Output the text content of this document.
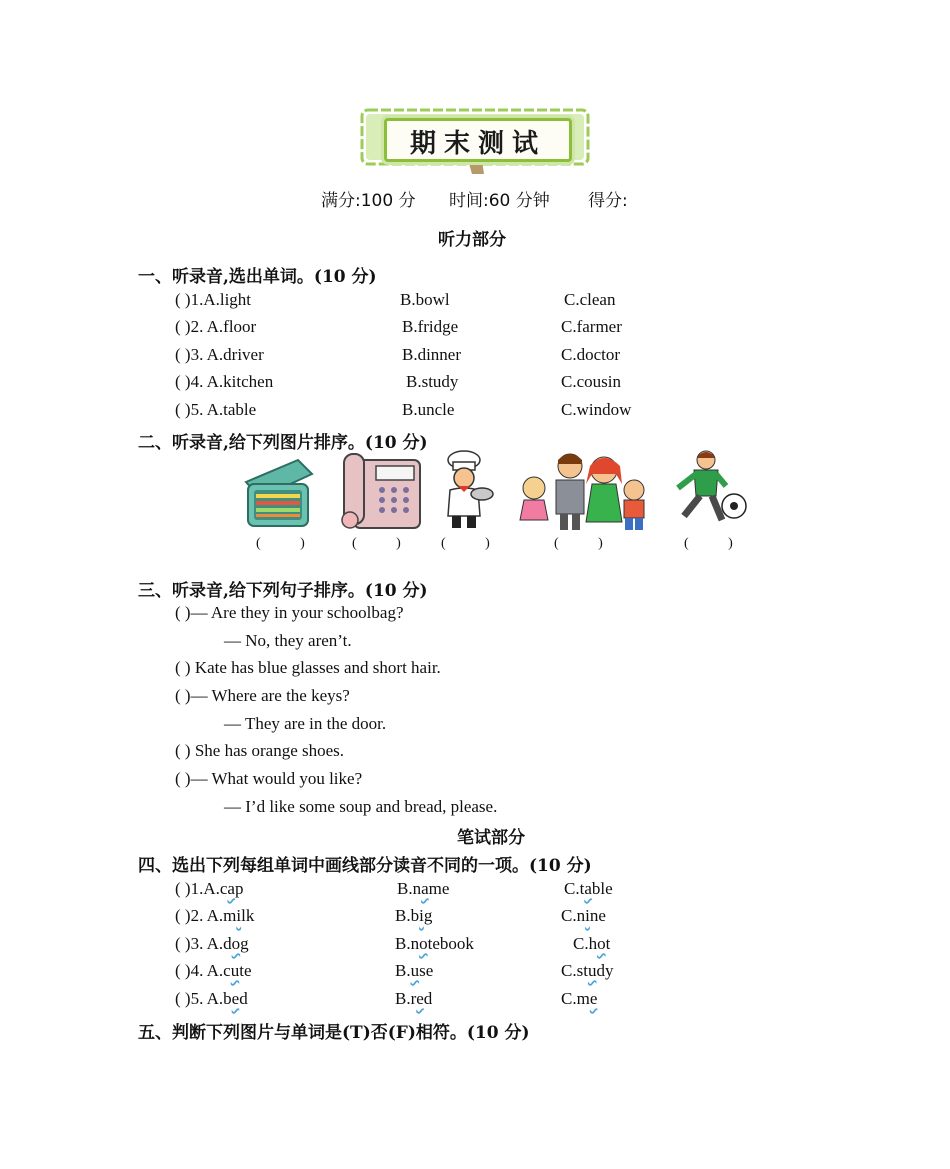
期末测试
满分:100 分 时间:60 分钟 得分:
听力部分
一、听录音,选出单词。(10 分)
( )1.A.light	B.bowl	C.clean
( )2. A.floor	B.fridge	C.farmer
( )3. A.driver	B.dinner	C.doctor
( )4. A.kitchen	B.study	C.cousin
( )5. A.table	B.uncle	C.window
二、听录音,给下列图片排序。(10 分)
( ) ( ) ( )	( )	( )
三、听录音,给下列句子排序。(10 分)
( )— Are they in your schoolbag?
— No, they aren’t.
( ) Kate has blue glasses and short hair.
( )— Where are the keys?
— They are in the door.
( ) She has orange shoes.
( )— What would you like?
— I’d like some soup and bread, please.
笔试部分
四、选出下列每组单词中画线部分读音不同的一项。(10 分)
( )1.A.cap	B.name	C.table
( )2. A.milk	B.big	C.nine
( )3. A.dog	B.notebook	C.hot
( )4. A.cute	B.use	C.study
( )5. A.bed	B.red	C.me
五、判断下列图片与单词是(T)否(F)相符。(10 分)
